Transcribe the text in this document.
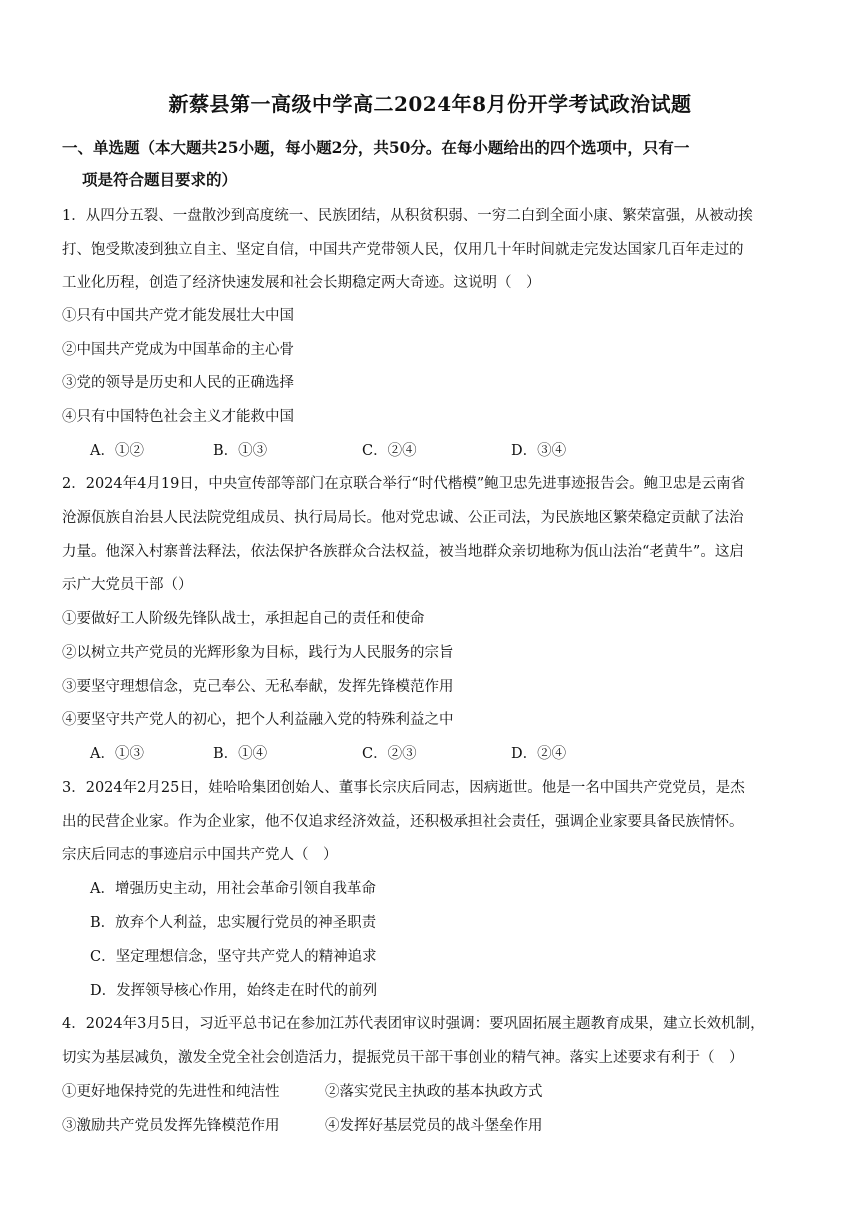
新蔡县第一高级中学高二2024年8月份开学考试政治试题
一、单选题（本大题共25小题，每小题2分，共50分。在每小题给出的四个选项中，只有一
项是符合题目要求的）
1．从四分五裂、一盘散沙到高度统一、民族团结，从积贫积弱、一穷二白到全面小康、繁荣富强，从被动挨
打、饱受欺凌到独立自主、坚定自信，中国共产党带领人民，仅用几十年时间就走完发达国家几百年走过的
工业化历程，创造了经济快速发展和社会长期稳定两大奇迹。这说明（　）
①只有中国共产党才能发展壮大中国
②中国共产党成为中国革命的主心骨
③党的领导是历史和人民的正确选择
④只有中国特色社会主义才能救中国
A．①②	B．①③	C．②④	D．③④
2．2024年4月19日，中央宣传部等部门在京联合举行“时代楷模”鲍卫忠先进事迹报告会。鲍卫忠是云南省
沧源佤族自治县人民法院党组成员、执行局局长。他对党忠诚、公正司法，为民族地区繁荣稳定贡献了法治
力量。他深入村寨普法释法，依法保护各族群众合法权益，被当地群众亲切地称为佤山法治“老黄牛”。这启
示广大党员干部（）
①要做好工人阶级先锋队战士，承担起自己的责任和使命
②以树立共产党员的光辉形象为目标，践行为人民服务的宗旨
③要坚守理想信念，克己奉公、无私奉献，发挥先锋模范作用
④要坚守共产党人的初心，把个人利益融入党的特殊利益之中
A．①③	B．①④	C．②③	D．②④
3．2024年2月25日，娃哈哈集团创始人、董事长宗庆后同志，因病逝世。他是一名中国共产党党员，是杰
出的民营企业家。作为企业家，他不仅追求经济效益，还积极承担社会责任，强调企业家要具备民族情怀。
宗庆后同志的事迹启示中国共产党人（　）
A．增强历史主动，用社会革命引领自我革命
B．放弃个人利益，忠实履行党员的神圣职责
C．坚定理想信念，坚守共产党人的精神追求
D．发挥领导核心作用，始终走在时代的前列
4．2024年3月5日，习近平总书记在参加江苏代表团审议时强调：要巩固拓展主题教育成果，建立长效机制，
切实为基层减负，激发全党全社会创造活力，提振党员干部干事创业的精气神。落实上述要求有利于（　）
①更好地保持党的先进性和纯洁性	②落实党民主执政的基本执政方式
③激励共产党员发挥先锋模范作用	④发挥好基层党员的战斗堡垒作用
